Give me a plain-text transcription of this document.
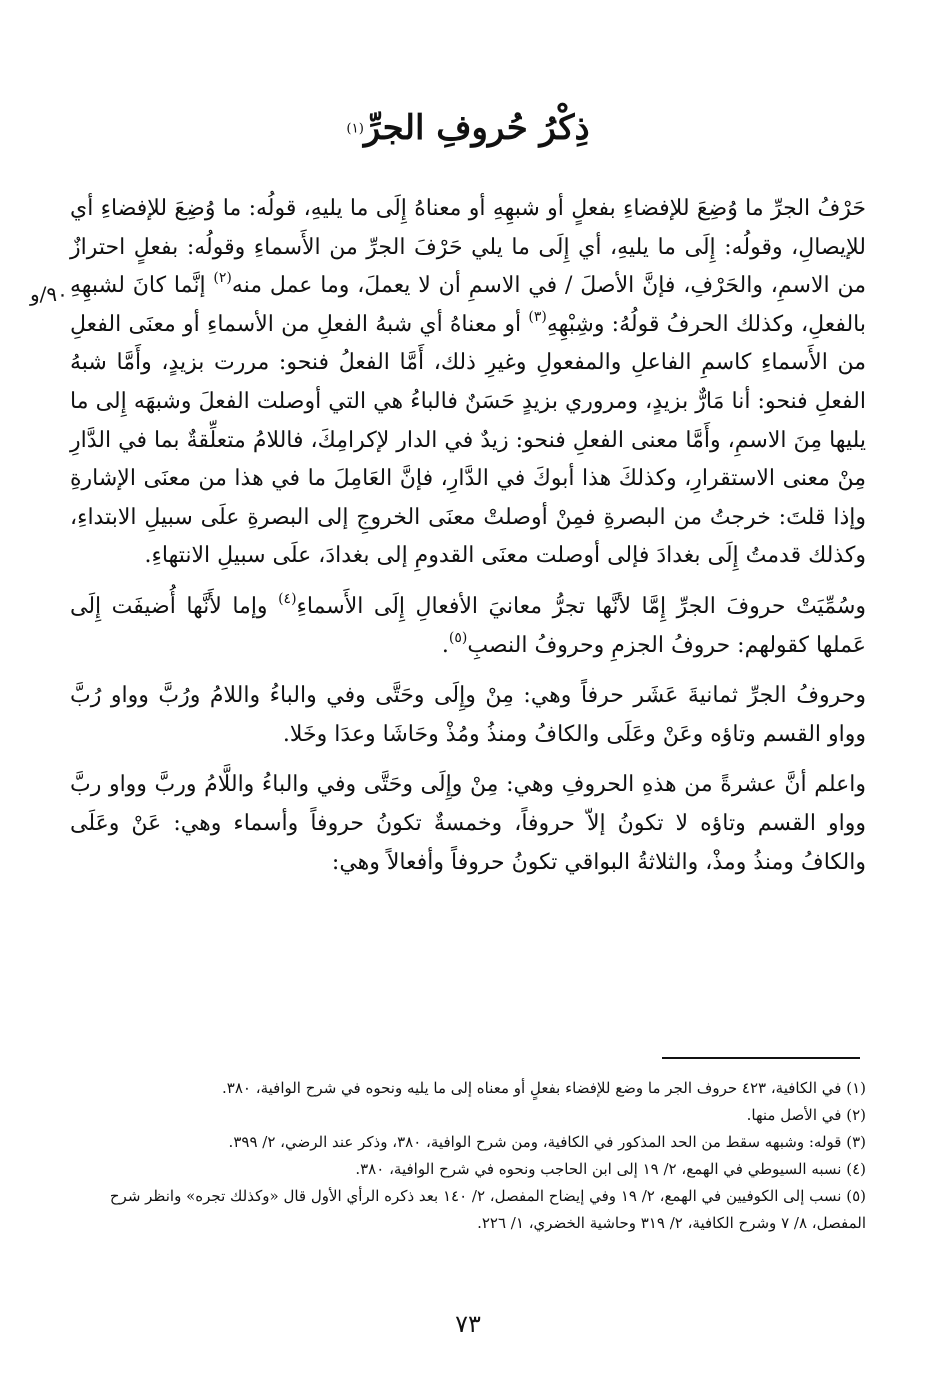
ذِكْرُ حُروفِ الجرِّ$^{(١)}$
٩٠/و

حَرْفُ الجرِّ ما وُضِعَ للإفضاءِ بفعلٍ أو شبهِهِ أو معناهُ إِلَى ما يليهِ، قولُه: ما وُضِعَ للإفضاءِ أي للإيصالِ، وقولُه: إِلَى ما يليهِ، أي إِلَى ما يلي حَرْفَ الجرِّ من الأَسماءِ وقولُه: بفعلٍ احترازٌ من الاسمِ، والحَرْفِ، فإنَّ الأصلَ / في الاسمِ أن لا يعملَ، وما عمل منه$^{(٢)}$ إنَّما كانَ لشبهِهِ بالفعلِ، وكذلك الحرفُ قولُهُ: وشِبْهِهِ$^{(٣)}$ أو معناهُ أي شبهُ الفعلِ من الأسماءِ أو معنَى الفعلِ من الأَسماءِ كاسمِ الفاعلِ والمفعولِ وغيرِ ذلك، أَمَّا الفعلُ فنحو: مررت بزيدٍ، وأَمَّا شبهُ الفعلِ فنحو: أنا مَارٌّ بزيدٍ، ومروري بزيدٍ حَسَنٌ فالباءُ هي التي أوصلت الفعلَ وشبهَه إِلى ما يليها مِنَ الاسمِ، وأَمَّا معنى الفعلِ فنحو: زيدٌ في الدار لإكرامِكَ، فاللامُ متعلِّقةٌ بما في الدَّارِ مِنْ معنى الاستقرارِ، وكذلكَ هذا أبوكَ في الدَّارِ، فإنَّ العَامِلَ ما في هذا من معنَى الإشارةِ وإذا قلتَ: خرجتُ من البصرةِ فمِنْ أوصلتْ معنَى الخروجِ إلى البصرةِ علَى سبيلِ الابتداءِ، وكذلك قدمتُ إِلَى بغدادَ فإلى أوصلت معنَى القدومِ إلى بغدادَ، علَى سبيلِ الانتهاءِ.

وسُمِّيَتْ حروفَ الجرِّ إِمَّا لأنَّها تجرُّ معانيَ الأفعالِ إِلَى الأَسماءِ$^{(٤)}$ وإما لأَنَّها أُضيفَت إِلَى عَملها كقولهم: حروفُ الجزمِ وحروفُ النصبِ$^{(٥)}$.

وحروفُ الجرِّ ثمانيةَ عَشَر حرفاً وهي: مِنْ وإِلَى وحَتَّى وفي والباءُ واللامُ ورُبَّ وواو رُبَّ وواو القسم وتاؤه وعَنْ وعَلَى والكافُ ومنذُ ومُذْ وحَاشَا وعدَا وخَلا.

واعلم أنَّ عشرةً من هذهِ الحروفِ وهي: مِنْ وإِلَى وحَتَّى وفي والباءُ واللَّامُ وربَّ وواو ربَّ وواو القسم وتاؤه لا تكونُ إلاّ حروفاً، وخمسةٌ تكونُ حروفاً وأسماء وهي: عَنْ وعَلَى والكافُ ومنذُ ومذْ، والثلاثةُ البواقي تكونُ حروفاً وأفعالاً وهي:

(١) في الكافية، ٤٢٣ حروف الجر ما وضع للإفضاء بفعلٍ أو معناه إلى ما يليه ونحوه في شرح الوافية، ٣٨٠.

(٢) في الأصل منها.

(٣) قوله: وشبهه سقط من الحد المذكور في الكافية، ومن شرح الوافية، ٣٨٠، وذكر عند الرضي، ٢/ ٣٩٩.

(٤) نسبه السيوطي في الهمع، ٢/ ١٩ إلى ابن الحاجب ونحوه في شرح الوافية، ٣٨٠.

(٥) نسب إلى الكوفيين في الهمع، ٢/ ١٩ وفي إيضاح المفصل، ٢/ ١٤٠ بعد ذكره الرأي الأول قال «وكذلك تجره» وانظر شرح المفصل، ٨/ ٧ وشرح الكافية، ٢/ ٣١٩ وحاشية الخضري، ١/ ٢٢٦.

٧٣
